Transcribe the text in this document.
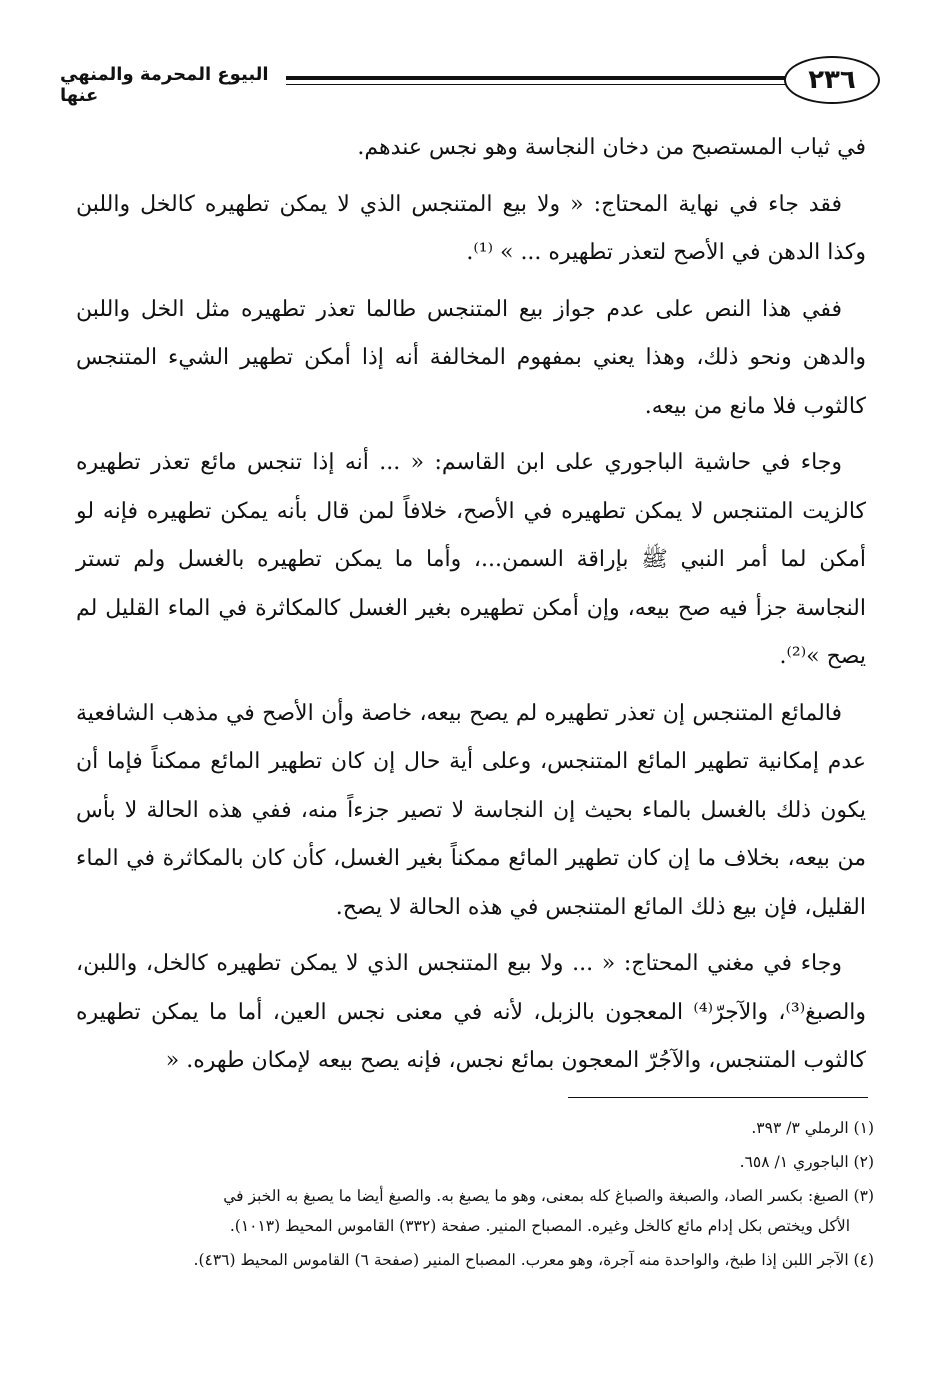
البيوع المحرمة والمنهي عنها
٢٣٦

في ثياب المستصبح من دخان النجاسة وهو نجس عندهم.

فقد جاء في نهاية المحتاج: « ولا بيع المتنجس الذي لا يمكن تطهيره كالخل واللبن وكذا الدهن في الأصح لتعذر تطهيره ... » ⁽¹⁾.

ففي هذا النص على عدم جواز بيع المتنجس طالما تعذر تطهيره مثل الخل واللبن والدهن ونحو ذلك، وهذا يعني بمفهوم المخالفة أنه إذا أمكن تطهير الشيء المتنجس كالثوب فلا مانع من بيعه.

وجاء في حاشية الباجوري على ابن القاسم: « ... أنه إذا تنجس مائع تعذر تطهيره كالزيت المتنجس لا يمكن تطهيره في الأصح، خلافاً لمن قال بأنه يمكن تطهيره فإنه لو أمكن لما أمر النبي ﷺ بإراقة السمن...، وأما ما يمكن تطهيره بالغسل ولم تستر النجاسة جزأ فيه صح بيعه، وإن أمكن تطهيره بغير الغسل كالمكاثرة في الماء القليل لم يصح »⁽²⁾.

فالمائع المتنجس إن تعذر تطهيره لم يصح بيعه، خاصة وأن الأصح في مذهب الشافعية عدم إمكانية تطهير المائع المتنجس، وعلى أية حال إن كان تطهير المائع ممكناً فإما أن يكون ذلك بالغسل بالماء بحيث إن النجاسة لا تصير جزءاً منه، ففي هذه الحالة لا بأس من بيعه، بخلاف ما إن كان تطهير المائع ممكناً بغير الغسل، كأن كان بالمكاثرة في الماء القليل، فإن بيع ذلك المائع المتنجس في هذه الحالة لا يصح.

وجاء في مغني المحتاج: « ... ولا بيع المتنجس الذي لا يمكن تطهيره كالخل، واللبن، والصبغ⁽³⁾، والآجرّ⁽⁴⁾ المعجون بالزبل، لأنه في معنى نجس العين، أما ما يمكن تطهيره كالثوب المتنجس، والآجُرّ المعجون بمائع نجس، فإنه يصح بيعه لإمكان طهره. «

(١) الرملي ٣/ ٣٩٣.

(٢) الباجوري ١/ ٦٥٨.

(٣) الصبغ: بكسر الصاد، والصبغة والصباغ كله بمعنى، وهو ما يصبغ به. والصبغ أيضا ما يصبغ به الخبز في

الأكل ويختص بكل إدام مائع كالخل وغيره. المصباح المنير. صفحة (٣٣٢) القاموس المحيط (١٠١٣).

(٤) الآجر اللبن إذا طبخ، والواحدة منه آجرة، وهو معرب. المصباح المنير (صفحة ٦) القاموس المحيط (٤٣٦).
